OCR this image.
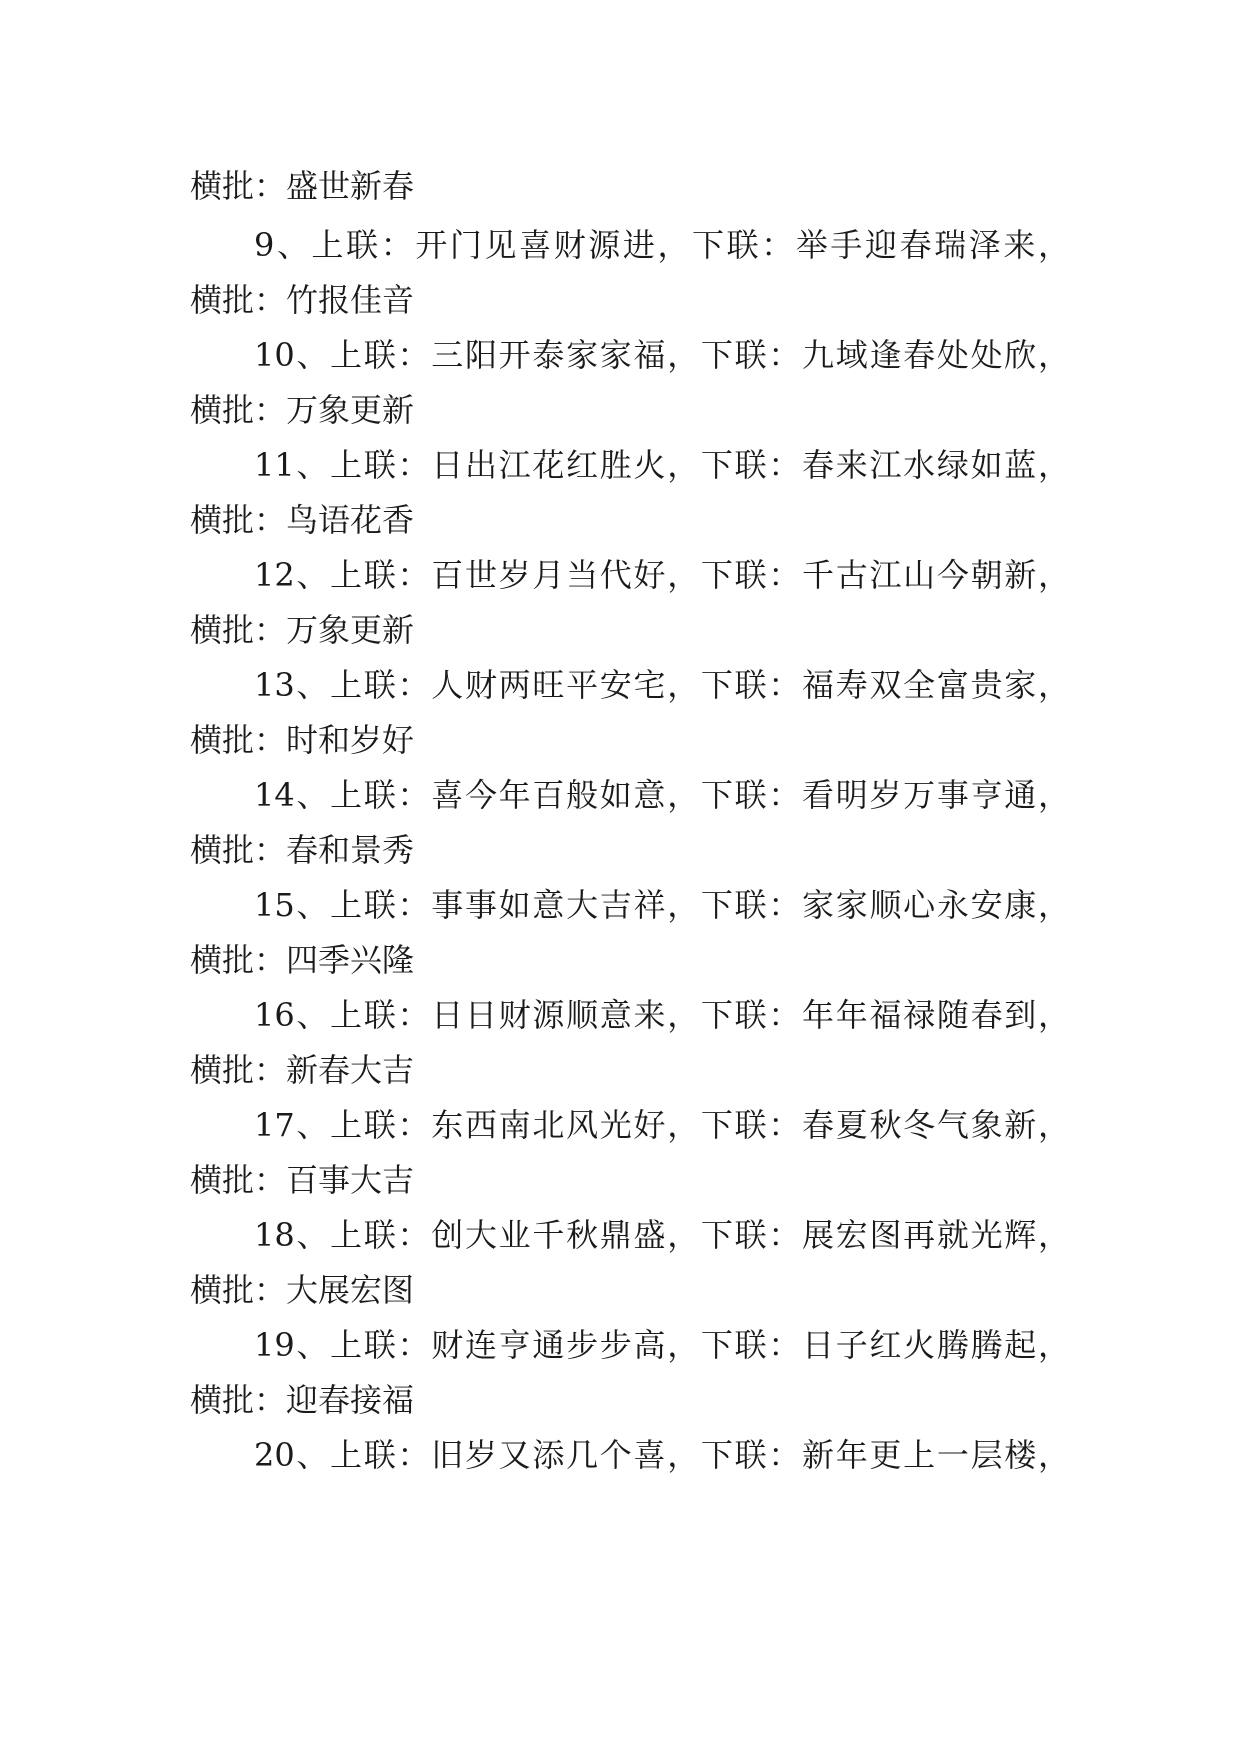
横批：盛世新春
9、上联：开门见喜财源进，下联：举手迎春瑞泽来，
横批：竹报佳音
10、上联：三阳开泰家家福，下联：九域逢春处处欣，
横批：万象更新
11、上联：日出江花红胜火，下联：春来江水绿如蓝，
横批：鸟语花香
12、上联：百世岁月当代好，下联：千古江山今朝新，
横批：万象更新
13、上联：人财两旺平安宅，下联：福寿双全富贵家，
横批：时和岁好
14、上联：喜今年百般如意，下联：看明岁万事亨通，
横批：春和景秀
15、上联：事事如意大吉祥，下联：家家顺心永安康，
横批：四季兴隆
16、上联：日日财源顺意来，下联：年年福禄随春到，
横批：新春大吉
17、上联：东西南北风光好，下联：春夏秋冬气象新，
横批：百事大吉
18、上联：创大业千秋鼎盛，下联：展宏图再就光辉，
横批：大展宏图
19、上联：财连亨通步步高，下联：日子红火腾腾起，
横批：迎春接福
20、上联：旧岁又添几个喜，下联：新年更上一层楼，
